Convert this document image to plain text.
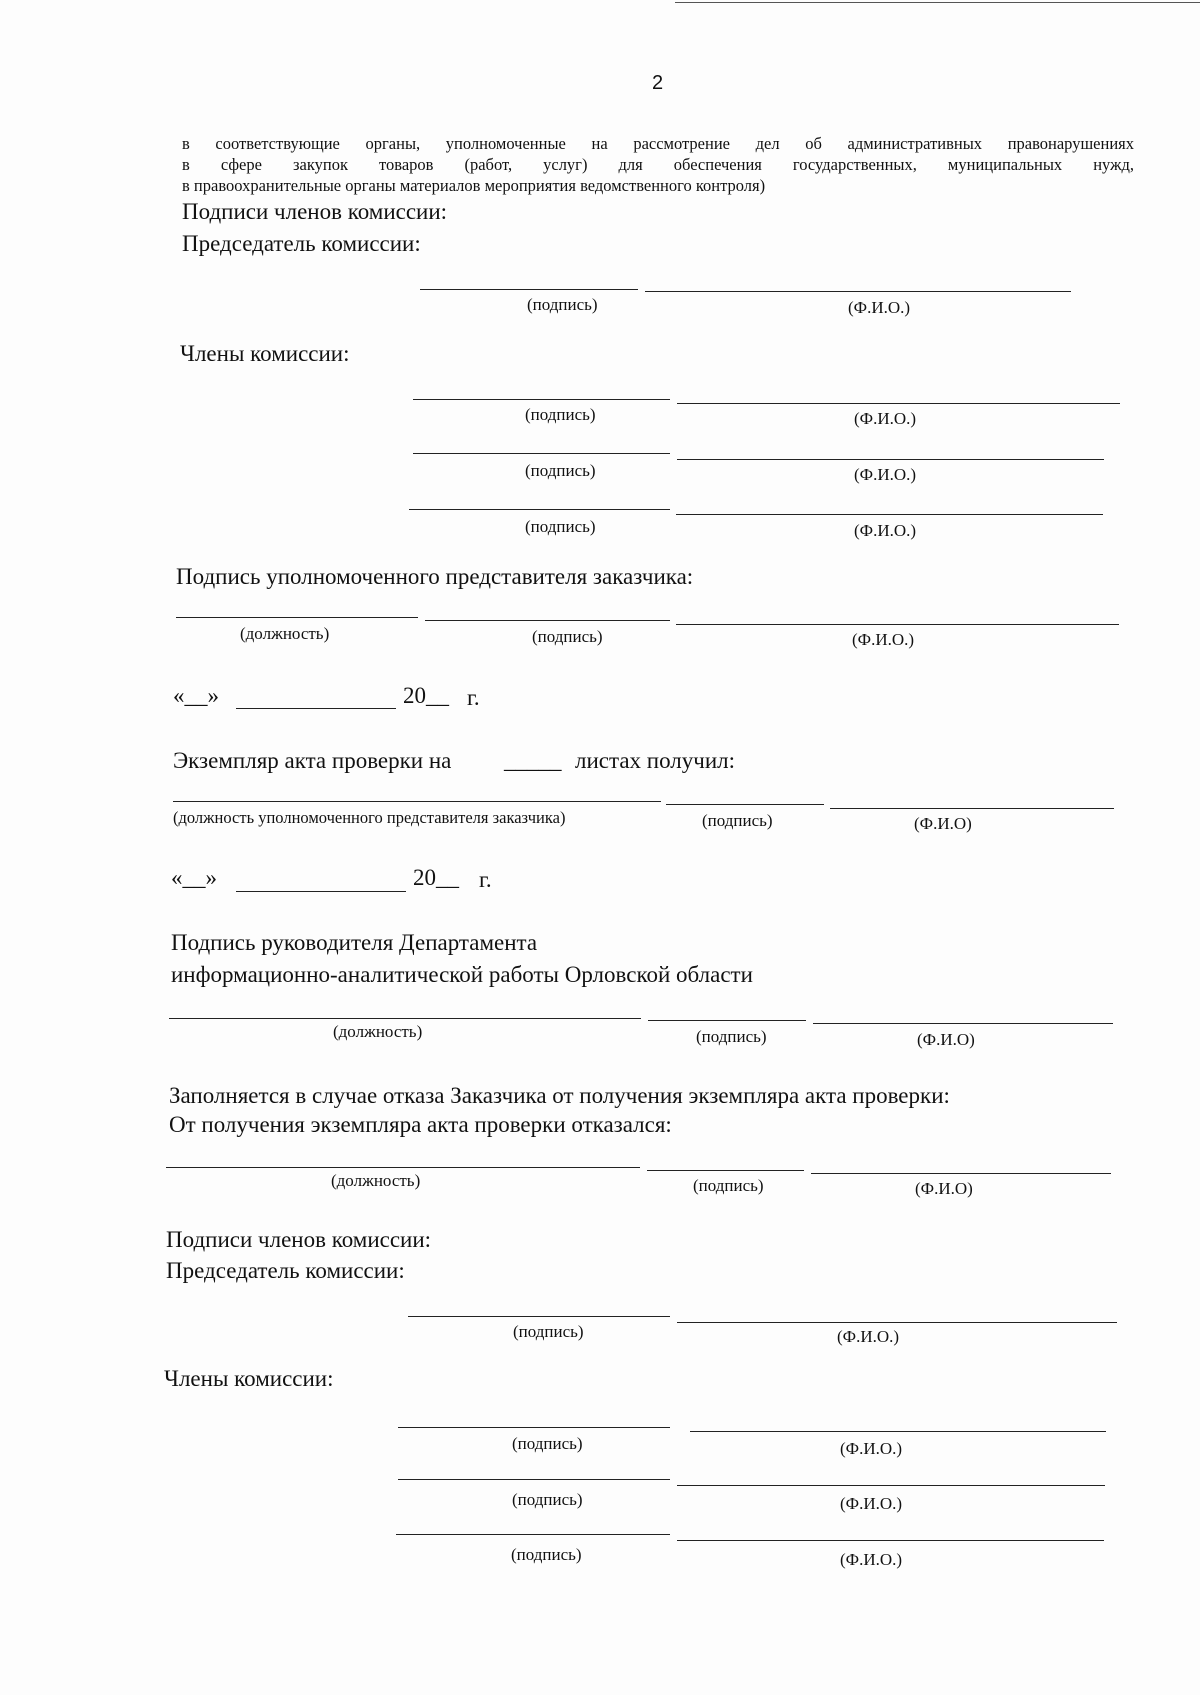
2

в соответствующие органы, уполномоченные на рассмотрение дел об административных правонарушениях

в сфере закупок товаров (работ, услуг) для обеспечения государственных, муниципальных нужд,

в правоохранительные органы материалов мероприятия ведомственного контроля)

Подписи членов комиссии:
Председатель комиссии:
(подпись)	(Ф.И.О.)
Члены комиссии:
(подпись)	(Ф.И.О.)
(подпись)	(Ф.И.О.)
(подпись)	(Ф.И.О.)
Подпись уполномоченного представителя заказчика:
(должность)	(подпись)	(Ф.И.О.)
«__»	20__ г.
Экземпляр акта проверки на _____ листах получил:
(должность уполномоченного представителя заказчика)	(подпись)	(Ф.И.О)
«__»	20__ г.
Подпись руководителя Департамента
информационно-аналитической работы Орловской области
(должность)	(подпись)	(Ф.И.О)
Заполняется в случае отказа Заказчика от получения экземпляра акта проверки:
От получения экземпляра акта проверки отказался:
(должность)	(подпись)	(Ф.И.О)
Подписи членов комиссии:
Председатель комиссии:
(подпись)	(Ф.И.О.)
Члены комиссии:
(подпись)	(Ф.И.О.)
(подпись)	(Ф.И.О.)
(подпись)	(Ф.И.О.)
